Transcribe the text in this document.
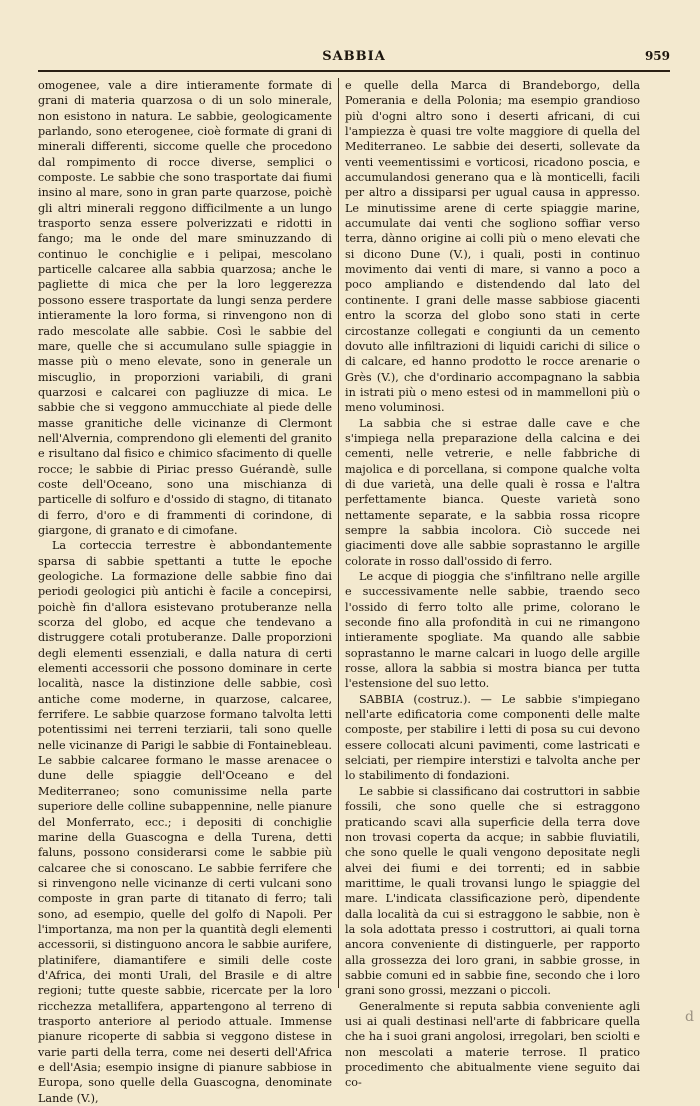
SABBIA	959

omogenee, vale a dire intieramente formate di grani di materia quarzosa o di un solo minerale, non esistono in natura. Le sabbie, geologicamente parlando, sono eterogenee, cioè formate di grani di minerali differenti, siccome quelle che procedono dal rompimento di rocce diverse, semplici o composte. Le sabbie che sono trasportate dai fiumi insino al mare, sono in gran parte quarzose, poichè gli altri minerali reggono difficilmente a un lungo trasporto senza essere polverizzati e ridotti in fango; ma le onde del mare sminuzzando di continuo le conchiglie e i pelipai, mescolano particelle calcaree alla sabbia quarzosa; anche le pagliette di mica che per la loro leggerezza possono essere trasportate da lungi senza perdere intieramente la loro forma, si rinvengono non di rado mescolate alle sabbie. Così le sabbie del mare, quelle che si accumulano sulle spiaggie in masse più o meno elevate, sono in generale un miscuglio, in proporzioni variabili, di grani quarzosi e calcarei con pagliuzze di mica. Le sabbie che si veggono ammucchiate al piede delle masse granitiche delle vicinanze di Clermont nell'Alvernia, comprendono gli elementi del granito e risultano dal fisico e chimico sfacimento di quelle rocce; le sabbie di Piriac presso Guérandè, sulle coste dell'Oceano, sono una mischianza di particelle di solfuro e d'ossido di stagno, di titanato di ferro, d'oro e di frammenti di corindone, di giargone, di granato e di cimofane.

La corteccia terrestre è abbondantemente sparsa di sabbie spettanti a tutte le epoche geologiche. La formazione delle sabbie fino dai periodi geologici più antichi è facile a concepirsi, poichè fin d'allora esistevano protuberanze nella scorza del globo, ed acque che tendevano a distruggere cotali protuberanze. Dalle proporzioni degli elementi essenziali, e dalla natura di certi elementi accessorii che possono dominare in certe località, nasce la distinzione delle sabbie, così antiche come moderne, in quarzose, calcaree, ferrifere. Le sabbie quarzose formano talvolta letti potentissimi nei terreni terziarii, tali sono quelle nelle vicinanze di Parigi le sabbie di Fontainebleau. Le sabbie calcaree formano le masse arenacee o dune delle spiaggie dell'Oceano e del Mediterraneo; sono comunissime nella parte superiore delle colline subappennine, nelle pianure del Monferrato, ecc.; i depositi di conchiglie marine della Guascogna e della Turena, detti faluns, possono considerarsi come le sabbie più calcaree che si conoscano. Le sabbie ferrifere che si rinvengono nelle vicinanze di certi vulcani sono composte in gran parte di titanato di ferro; tali sono, ad esempio, quelle del golfo di Napoli. Per l'importanza, ma non per la quantità degli elementi accessorii, si distinguono ancora le sabbie aurifere, platinifere, diamantifere e simili delle coste d'Africa, dei monti Urali, del Brasile e di altre regioni; tutte queste sabbie, ricercate per la loro ricchezza metallifera, appartengono al terreno di trasporto anteriore al periodo attuale. Immense pianure ricoperte di sabbia si veggono distese in varie parti della terra, come nei deserti dell'Africa e dell'Asia; esempio insigne di pianure sabbiose in Europa, sono quelle della Guascogna, denominate Lande (V.),

e quelle della Marca di Brandeborgo, della Pomerania e della Polonia; ma esempio grandioso più d'ogni altro sono i deserti africani, di cui l'ampiezza è quasi tre volte maggiore di quella del Mediterraneo. Le sabbie dei deserti, sollevate da venti veementissimi e vorticosi, ricadono poscia, e accumulandosi generano qua e là monticelli, facili per altro a dissiparsi per ugual causa in appresso. Le minutissime arene di certe spiaggie marine, accumulate dai venti che sogliono soffiar verso terra, dànno origine ai colli più o meno elevati che si dicono Dune (V.), i quali, posti in continuo movimento dai venti di mare, si vanno a poco a poco ampliando e distendendo dal lato del continente. I grani delle masse sabbiose giacenti entro la scorza del globo sono stati in certe circostanze collegati e congiunti da un cemento dovuto alle infiltrazioni di liquidi carichi di silice o di calcare, ed hanno prodotto le rocce arenarie o Grès (V.), che d'ordinario accompagnano la sabbia in istrati più o meno estesi od in mammelloni più o meno voluminosi.

La sabbia che si estrae dalle cave e che s'impiega nella preparazione della calcina e dei cementi, nelle vetrerie, e nelle fabbriche di majolica e di porcellana, si compone qualche volta di due varietà, una delle quali è rossa e l'altra perfettamente bianca. Queste varietà sono nettamente separate, e la sabbia rossa ricopre sempre la sabbia incolora. Ciò succede nei giacimenti dove alle sabbie soprastanno le argille colorate in rosso dall'ossido di ferro.

Le acque di pioggia che s'infiltrano nelle argille e successivamente nelle sabbie, traendo seco l'ossido di ferro tolto alle prime, colorano le seconde fino alla profondità in cui ne rimangono intieramente spogliate. Ma quando alle sabbie soprastanno le marne calcari in luogo delle argille rosse, allora la sabbia si mostra bianca per tutta l'estensione del suo letto.

SABBIA (costruz.). — Le sabbie s'impiegano nell'arte edificatoria come componenti delle malte composte, per stabilire i letti di posa su cui devono essere collocati alcuni pavimenti, come lastricati e selciati, per riempire interstizi e talvolta anche per lo stabilimento di fondazioni.

Le sabbie si classificano dai costruttori in sabbie fossili, che sono quelle che si estraggono praticando scavi alla superficie della terra dove non trovasi coperta da acque; in sabbie fluviatili, che sono quelle le quali vengono depositate negli alvei dei fiumi e dei torrenti; ed in sabbie marittime, le quali trovansi lungo le spiaggie del mare. L'indicata classificazione però, dipendente dalla località da cui si estraggono le sabbie, non è la sola adottata presso i costruttori, ai quali torna ancora conveniente di distinguerle, per rapporto alla grossezza dei loro grani, in sabbie grosse, in sabbie comuni ed in sabbie fine, secondo che i loro grani sono grossi, mezzani o piccoli.

Generalmente si reputa sabbia conveniente agli usi ai quali destinasi nell'arte di fabbricare quella che ha i suoi grani angolosi, irregolari, ben sciolti e non mescolati a materie terrose. Il pratico procedimento che abitualmente viene seguito dai co-

d
